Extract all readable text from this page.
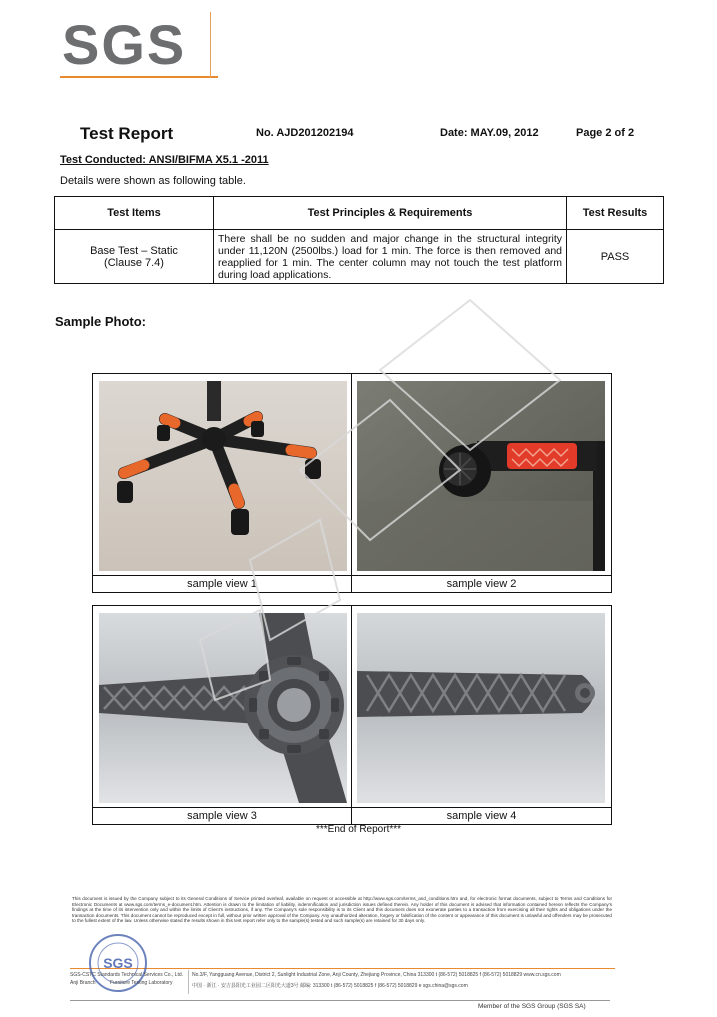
SGS
Test Report	No. AJD201202194	Date: MAY.09, 2012	Page 2 of 2
Test Conducted: ANSI/BIFMA X5.1 -2011
Details were shown as following table.
Test Items	Test Principles & Requirements	Test Results

Base Test – Static
(Clause 7.4)	There shall be no sudden and major change in the structural integrity under 11,120N (2500lbs.) load for 1 min. The force is then removed and reapplied for 1 min. The center column may not touch the test platform during load applications.	PASS
Sample Photo:
sample view 1	sample view 2
sample view 3	sample view 4
***End of Report***
This document is issued by the Company subject to its General Conditions of Service printed overleaf, available on request or accessible at http://www.sgs.com/terms_and_conditions.htm and, for electronic format documents, subject to Terms and Conditions for Electronic Documents at www.sgs.com/terms_e-document.htm. Attention is drawn to the limitation of liability, indemnification and jurisdiction issues defined therein. Any holder of this document is advised that information contained hereon reflects the Company's findings at the time of its intervention only and within the limits of Client's instructions, if any. The Company's sole responsibility is to its Client and this document does not exonerate parties to a transaction from exercising all their rights and obligations under the transaction documents. This document cannot be reproduced except in full, without prior written approval of the Company. Any unauthorized alteration, forgery or falsification of the content or appearance of this document is unlawful and offenders may be prosecuted to the fullest extent of the law. Unless otherwise stated the results shown in this test report refer only to the sample(s) tested and such sample(s) are retained for 30 days only.
SGS
SGS-CSTC Standards Technical Services Co., Ltd.
Anji Branch	Furniture Testing Laboratory
No.3/F, Yangguang Avenue, District 2, Sunlight Industrial Zone, Anji County, Zhejiang Province, China 313300 t (86-572) 5018825 f (86-572) 5018829 www.cn.sgs.com
中国 · 浙江 · 安吉县阳光工业园二区阳光大道3号 邮编: 313300 t (86-572) 5018825 f (86-572) 5018829 e sgs.china@sgs.com
Member of the SGS Group (SGS SA)
